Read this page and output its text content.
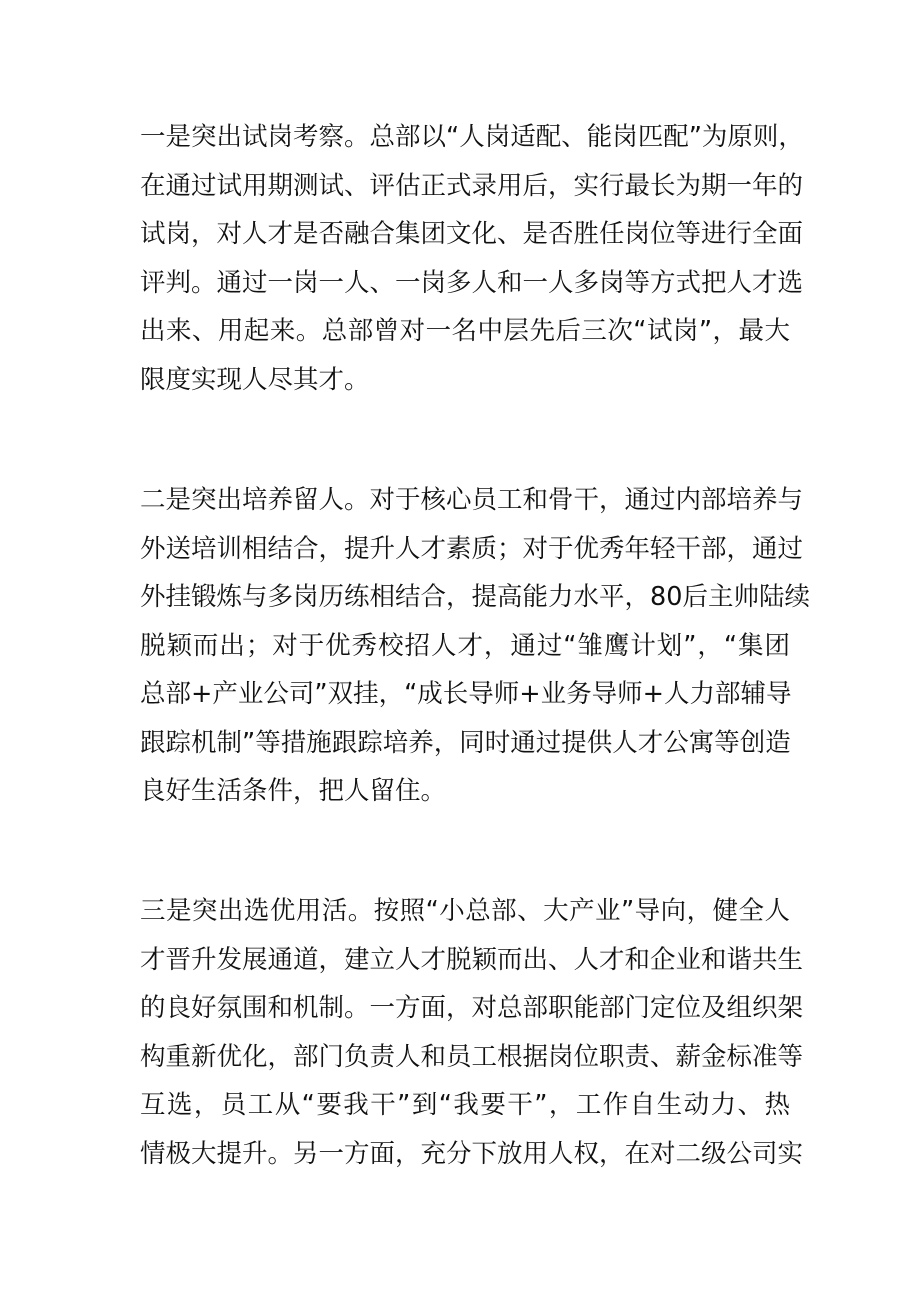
一是突出试岗考察。总部以“人岗适配、能岗匹配”为原则，
在通过试用期测试、评估正式录用后，实行最长为期一年的
试岗，对人才是否融合集团文化、是否胜任岗位等进行全面
评判。通过一岗一人、一岗多人和一人多岗等方式把人才选
出来、用起来。总部曾对一名中层先后三次“试岗”，最大
限度实现人尽其才。
二是突出培养留人。对于核心员工和骨干，通过内部培养与
外送培训相结合，提升人才素质；对于优秀年轻干部，通过
外挂锻炼与多岗历练相结合，提高能力水平，80后主帅陆续
脱颖而出；对于优秀校招人才，通过“雏鹰计划”，“集团
总部+产业公司”双挂，“成长导师+业务导师+人力部辅导
跟踪机制”等措施跟踪培养，同时通过提供人才公寓等创造
良好生活条件，把人留住。
三是突出选优用活。按照“小总部、大产业”导向，健全人
才晋升发展通道，建立人才脱颖而出、人才和企业和谐共生
的良好氛围和机制。一方面，对总部职能部门定位及组织架
构重新优化，部门负责人和员工根据岗位职责、薪金标准等
互选，员工从“要我干”到“我要干”，工作自生动力、热
情极大提升。另一方面，充分下放用人权，在对二级公司实
